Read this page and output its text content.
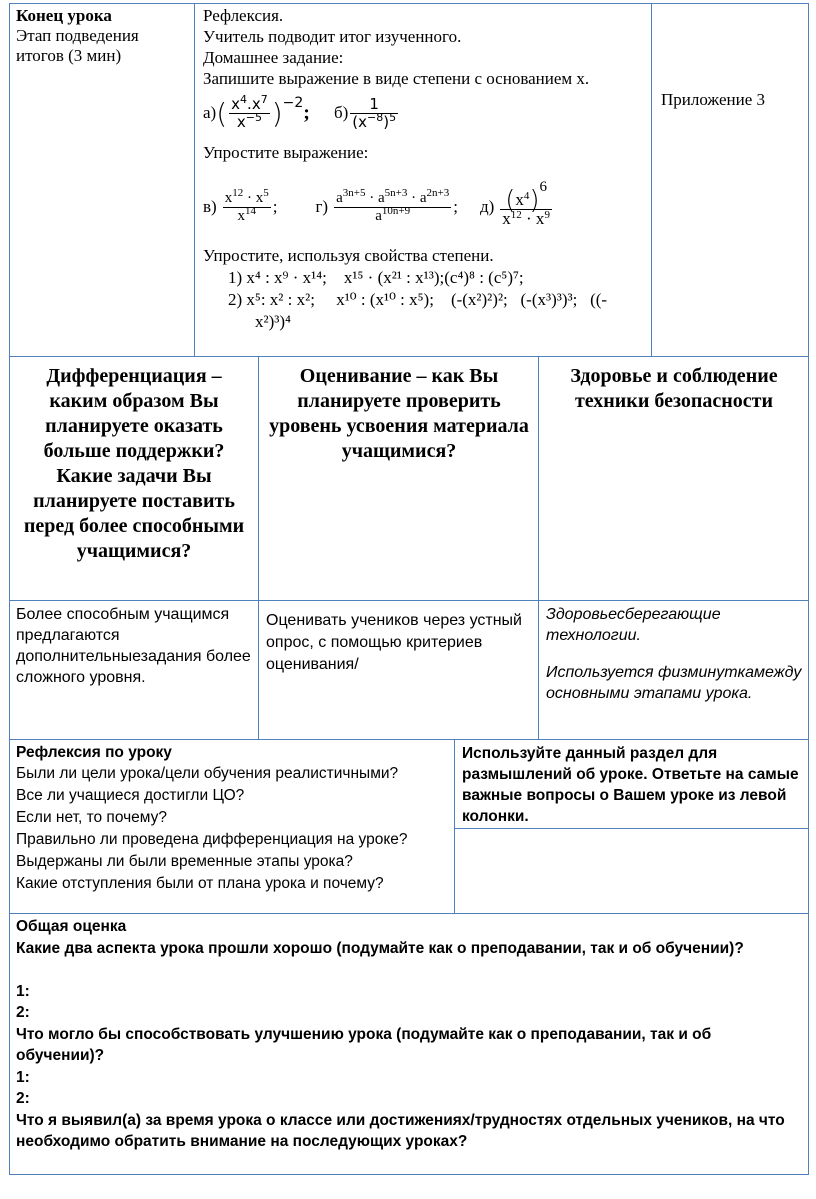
Конец урока
Этап подведения
итогов (3 мин)
Рефлексия.
Учитель подводит итог изученного.
Домашнее задание:
Запишите выражение в виде степени с основанием х.
а) ( $\frac{x^4.x^7}{x^{-5}}$ ) −2 ; $б) \frac{1}{(x^{-8})^5}$
Упростите выражение:
$в) \frac{x^{12} \cdot x^5}{x^{14}}$ ; $г) \frac{a^{3n+5} \cdot a^{5n+3} \cdot a^{2n+3}}{a^{10n+9}}$ ; $д) \frac{(x^4)^6}{x^{12} \cdot x^9}$
Упростите, используя свойства степени.
1) x⁴ : x⁹ · x¹⁴;    x¹⁵ · (x²¹ : x¹³);(c⁴)⁸ : (c⁵)⁷;
2) x⁵: x² : x²;     x¹⁰ : (x¹⁰ : x⁵);    (-(x²)²)²;   (-(x³)³)³;   ((-
x²)³)⁴
Приложение 3
Дифференциация – каким образом Вы планируете оказать больше поддержки? Какие задачи Вы планируете поставить перед более способными учащимися?
Оценивание – как Вы планируете проверить уровень усвоения материала учащимися?
Здоровье и соблюдение техники безопасности
Более способным учащимся предлагаются дополнительныезадания более сложного уровня.
Оценивать учеников через устный опрос, с помощью критериев оценивания/
Здоровьесберегающие технологии.
Используется физминуткамежду основными этапами урока.
Рефлексия по уроку
Были ли цели урока/цели обучения реалистичными?
Все ли учащиеся достигли ЦО?
Если нет, то почему?
Правильно ли проведена дифференциация на уроке?
Выдержаны ли были временные этапы урока?
Какие отступления были от плана урока и почему?
Используйте данный раздел для размышлений об уроке. Ответьте на самые важные вопросы о Вашем уроке из левой колонки.
Общая оценка
Какие два аспекта урока прошли хорошо (подумайте как о преподавании, так и об обучении)?
1:
2:
Что могло бы способствовать улучшению урока (подумайте как о преподавании, так и об обучении)?
1:
2:
Что я выявил(а) за время урока о классе или достижениях/трудностях отдельных учеников, на что необходимо обратить внимание на последующих уроках?
